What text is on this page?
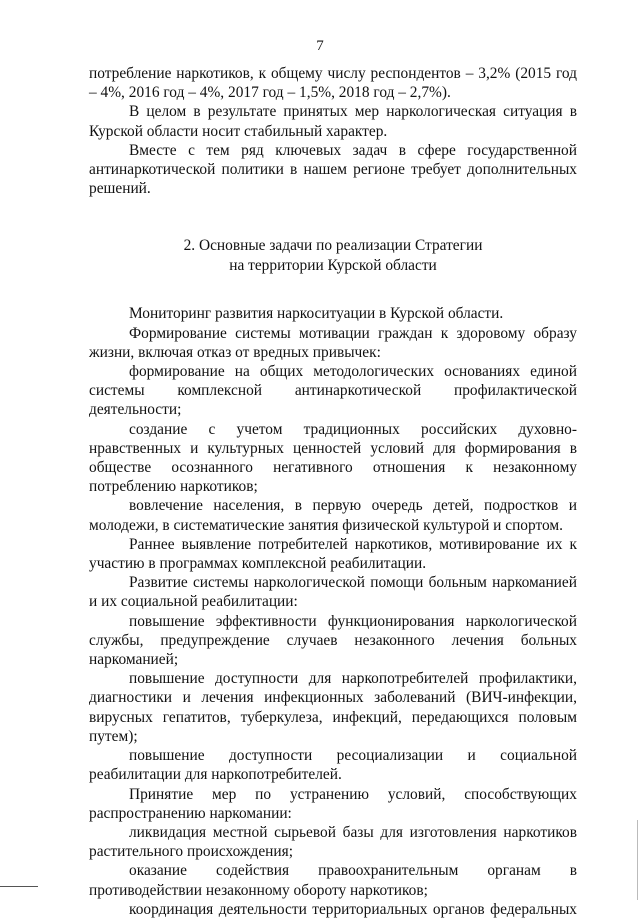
7

потребление наркотиков, к общему числу респондентов – 3,2% (2015 год – 4%, 2016 год – 4%, 2017 год – 1,5%, 2018 год – 2,7%).

В целом в результате принятых мер наркологическая ситуация в Курской области носит стабильный характер.

Вместе с тем ряд ключевых задач в сфере государственной антинаркотической политики в нашем регионе требует дополнительных решений.

2. Основные задачи по реализации Стратегии
на территории Курской области

Мониторинг развития наркоситуации в Курской области.

Формирование системы мотивации граждан к здоровому образу жизни, включая отказ от вредных привычек:

формирование на общих методологических основаниях единой системы комплексной антинаркотической профилактической деятельности;

создание с учетом традиционных российских духовно-нравственных и культурных ценностей условий для формирования в обществе осознанного негативного отношения к незаконному потреблению наркотиков;

вовлечение населения, в первую очередь детей, подростков и молодежи, в систематические занятия физической культурой и спортом.

Раннее выявление потребителей наркотиков, мотивирование их к участию в программах комплексной реабилитации.

Развитие системы наркологической помощи больным наркоманией и их социальной реабилитации:

повышение эффективности функционирования наркологической службы, предупреждение случаев незаконного лечения больных наркоманией;

повышение доступности для наркопотребителей профилактики, диагностики и лечения инфекционных заболеваний (ВИЧ-инфекции, вирусных гепатитов, туберкулеза, инфекций, передающихся половым путем);

повышение доступности ресоциализации и социальной реабилитации для наркопотребителей.

Принятие мер по устранению условий, способствующих распространению наркомании:

ликвидация местной сырьевой базы для изготовления наркотиков растительного происхождения;

оказание содействия правоохранительным органам в противодействии незаконному обороту наркотиков;

координация деятельности территориальных органов федеральных
